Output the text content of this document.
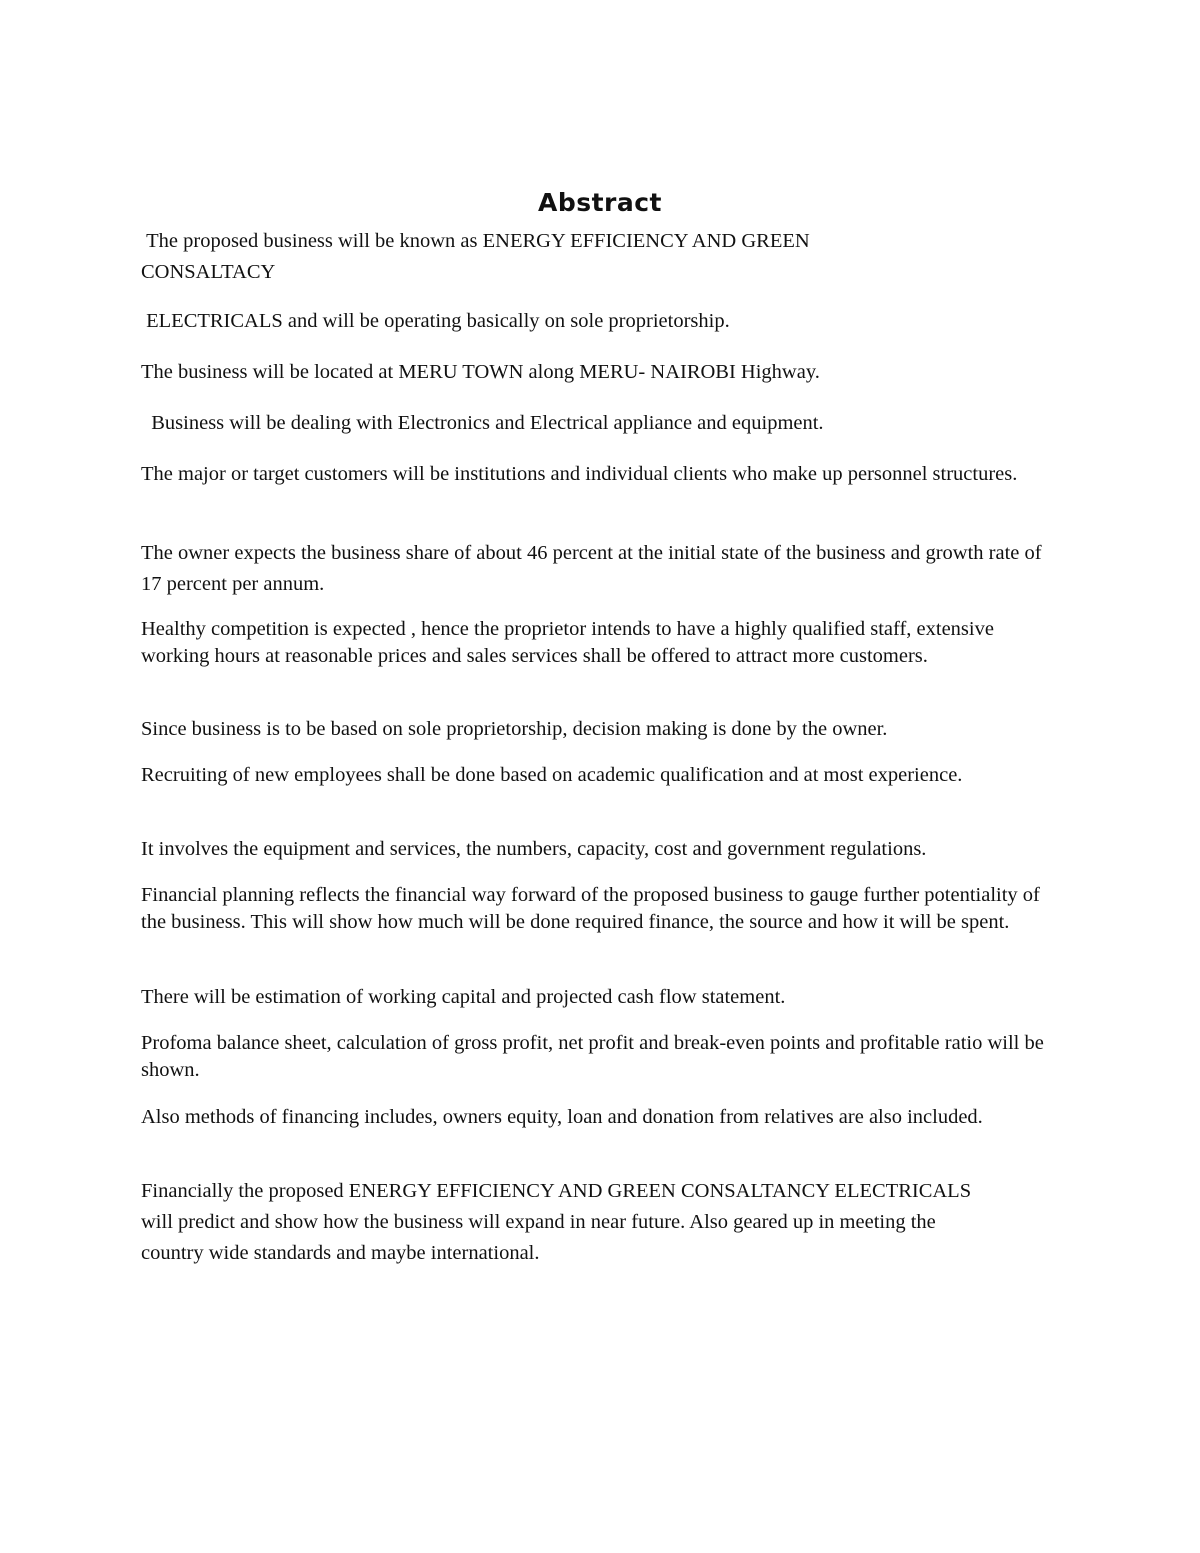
Abstract

The proposed business will be known as ENERGY EFFICIENCY AND GREEN CONSALTACY

ELECTRICALS and will be operating basically on sole proprietorship.

The business will be located at MERU TOWN along MERU- NAIROBI Highway.

Business will be dealing with Electronics and Electrical appliance and equipment.

The major or target customers will be institutions and individual clients who make up personnel structures.

The owner expects the business share of about 46 percent at the initial state of the business and growth rate of 17 percent per annum.

Healthy competition is expected , hence the proprietor intends to have a highly qualified staff, extensive working hours at reasonable prices and sales services shall be offered to attract more customers.

Since business is to be based on sole proprietorship, decision making is done by the owner.

Recruiting of new employees shall be done based on academic qualification and at most experience.

It involves the equipment and services, the numbers, capacity, cost and government regulations.

Financial planning reflects the financial way forward of the proposed business to gauge further potentiality of the business. This will show how much will be done required finance, the source and how it will be spent.

There will be estimation of working capital and projected cash flow statement.

Profoma balance sheet, calculation of gross profit, net profit and break-even points and profitable ratio will be shown.

Also methods of financing includes, owners equity, loan and donation from relatives are also included.

Financially the proposed ENERGY EFFICIENCY AND GREEN CONSALTANCY ELECTRICALS will predict and show how the business will expand in near future. Also geared up in meeting the country wide standards and maybe international.
